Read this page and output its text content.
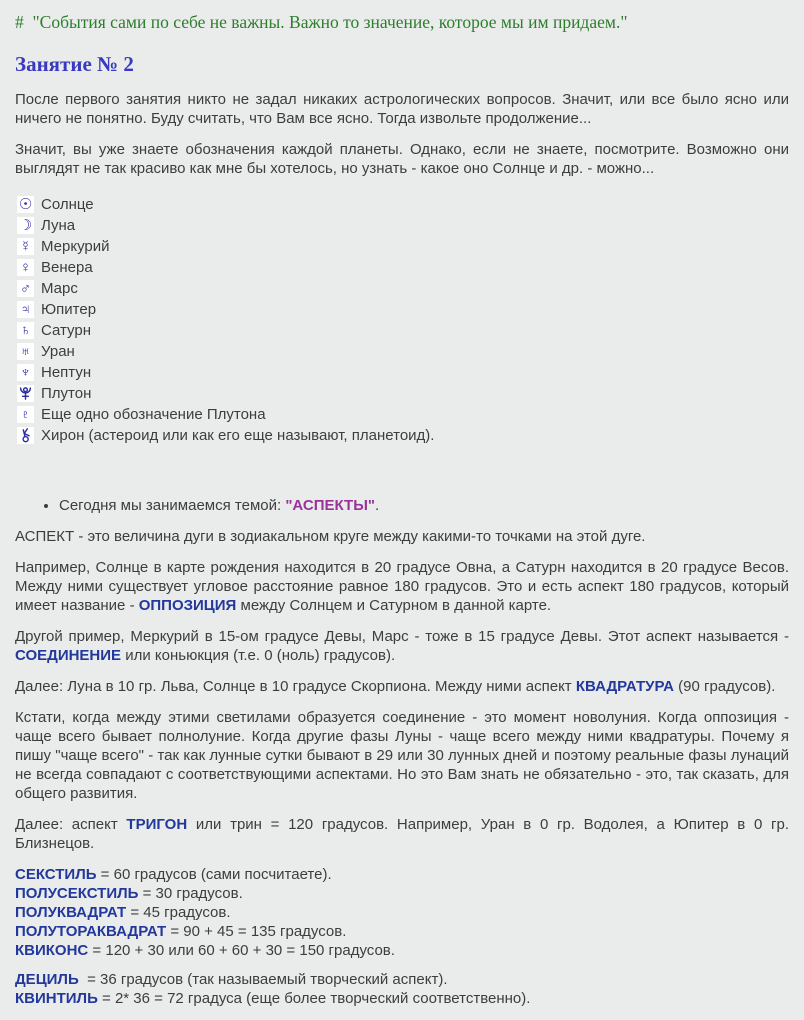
#  "События сами по себе не важны. Важно то значение, которое мы им придаем."
Занятие № 2

После первого занятия никто не задал никаких астрологических вопросов. Значит, или все было ясно или ничего не понятно. Буду считать, что Вам все ясно. Тогда извольте продолжение...

Значит, вы уже знаете обозначения каждой планеты. Однако, если не знаете, посмотрите. Возможно они выглядят не так красиво как мне бы хотелось, но узнать - какое оно Солнце и др. - можно...

☉ Солнце
☽ Луна
☿ Меркурий
♀ Венера
♂ Марс
♃ Юпитер
♄ Сатурн
♅ Уран
♆ Нептун
Плутон
♇ Еще одно обозначение Плутона
Хирон (астероид или как его еще называют, планетоид).
• Сегодня мы занимаемся темой: "АСПЕКТЫ".

АСПЕКТ - это величина дуги в зодиакальном круге между какими-то точками на этой дуге.

Например, Солнце в карте рождения находится в 20 градусе Овна, а Сатурн находится в 20 градусе Весов. Между ними существует угловое расстояние равное 180 градусов. Это и есть аспект 180 градусов, который имеет название - ОППОЗИЦИЯ между Солнцем и Сатурном в данной карте.

Другой пример, Меркурий в 15-ом градусе Девы, Марс - тоже в 15 градусе Девы. Этот аспект называется - СОЕДИНЕНИЕ или коньюкция (т.е. 0 (ноль) градусов).

Далее: Луна в 10 гр. Льва, Солнце в 10 градусе Скорпиона. Между ними аспект КВАДРАТУРА (90 градусов).

Кстати, когда между этими светилами образуется соединение - это момент новолуния. Когда оппозиция - чаще всего бывает полнолуние. Когда другие фазы Луны - чаще всего между ними квадратуры. Почему я пишу "чаще всего" - так как лунные сутки бывают в 29 или 30 лунных дней и поэтому реальные фазы лунаций не всегда совпадают с соответствующими аспектами. Но это Вам знать не обязательно - это, так сказать, для общего развития.

Далее: аспект ТРИГОН или трин = 120 градусов. Например, Уран в 0 гр. Водолея, а Юпитер в 0 гр. Близнецов.

СЕКСТИЛЬ = 60 градусов (сами посчитаете).
ПОЛУСЕКСТИЛЬ = 30 градусов.
ПОЛУКВАДРАТ = 45 градусов.
ПОЛУТОРАКВАДРАТ = 90 + 45 = 135 градусов.
КВИКОНС = 120 + 30 или 60 + 60 + 30 = 150 градусов.
ДЕЦИЛЬ  = 36 градусов (так называемый творческий аспект).
КВИНТИЛЬ = 2* 36 = 72 градуса (еще более творческий соответственно).
